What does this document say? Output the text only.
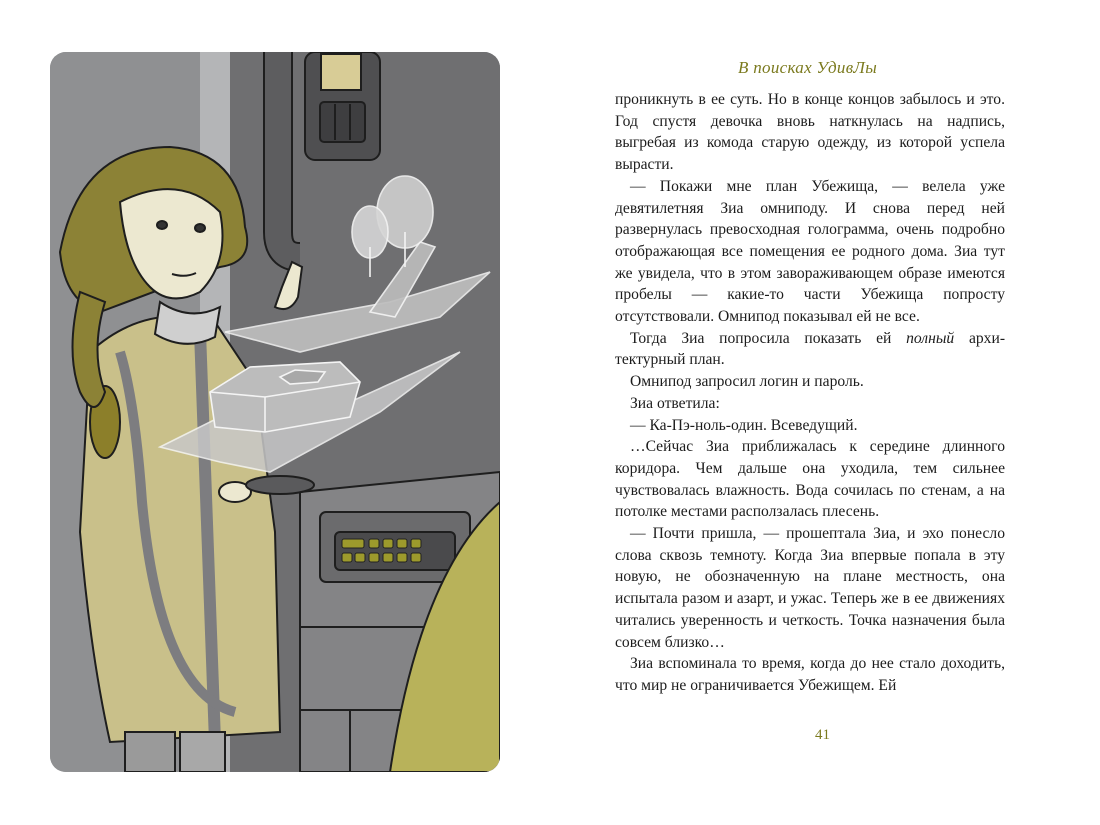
В поисках УдивЛы

проникнуть в ее суть. Но в конце концов забылось и это. Год спустя девочка вновь наткнулась на надпись, выгребая из комода старую одежду, из которой успела вырасти.

— Покажи мне план Убежища, — велела уже девятилетняя Зиа омниподу. И снова перед ней развернулась превосходная голограмма, очень подробно отображающая все помещения ее родного дома. Зиа тут же увидела, что в этом завораживающем образе имеются пробелы — какие-то части Убежища попросту отсутствовали. Омнипод показывал ей не все.

Тогда Зиа попросила показать ей полный архитектурный план.

Омнипод запросил логин и пароль.

Зиа ответила:

— Ка-Пэ-ноль-один. Всеведущий.

…Сейчас Зиа приближалась к середине длинного коридора. Чем дальше она уходила, тем сильнее чувствовалась влажность. Вода сочилась по стенам, а на потолке местами расползалась плесень.

— Почти пришла, — прошептала Зиа, и эхо понесло слова сквозь темноту. Когда Зиа впервые попала в эту новую, не обозначенную на плане местность, она испытала разом и азарт, и ужас. Теперь же в ее движениях читались уверенность и четкость. Точка назначения была совсем близко…

Зиа вспоминала то время, когда до нее стало доходить, что мир не ограничивается Убежищем. Ей

41
